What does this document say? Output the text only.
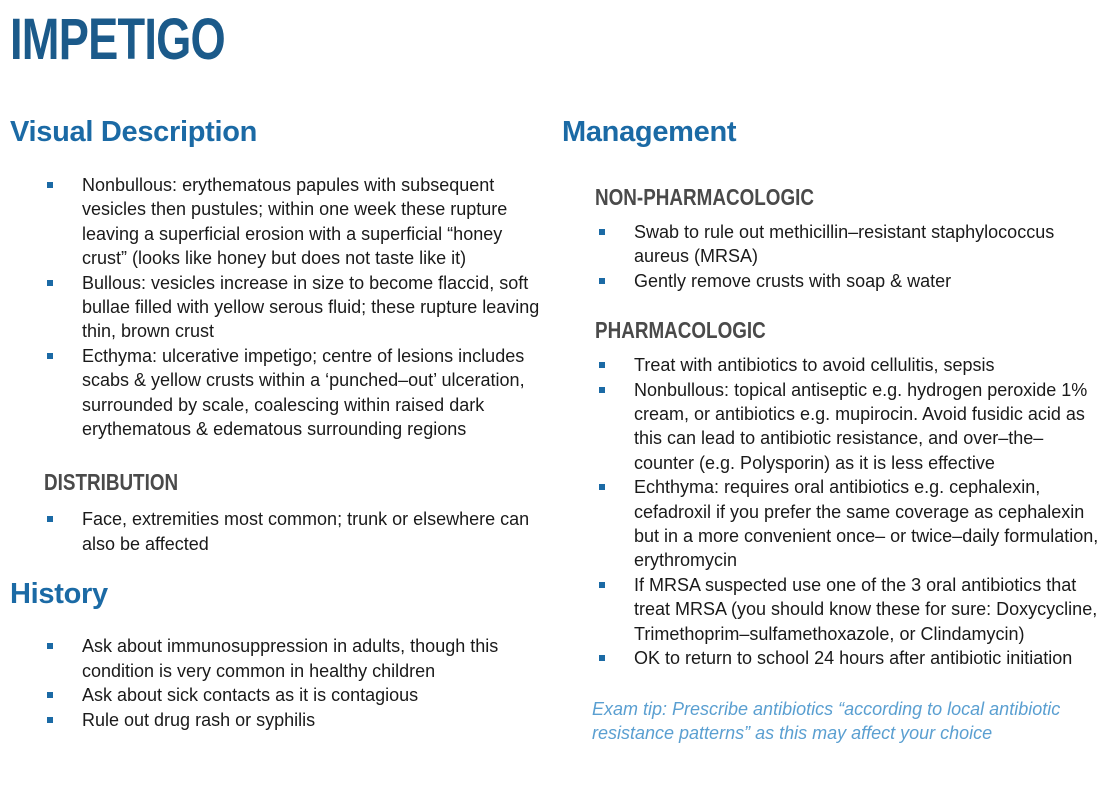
IMPETIGO
Visual Description
Nonbullous: erythematous papules with subsequent vesicles then pustules; within one week these rupture leaving a superficial erosion with a superficial “honey crust” (looks like honey but does not taste like it)
Bullous: vesicles increase in size to become flaccid, soft bullae filled with yellow serous fluid; these rupture leaving thin, brown crust
Ecthyma: ulcerative impetigo; centre of lesions includes scabs & yellow crusts within a ‘punched–out’ ulceration, surrounded by scale, coalescing within raised dark erythematous & edematous surrounding regions
DISTRIBUTION
Face, extremities most common; trunk or elsewhere can also be affected
History
Ask about immunosuppression in adults, though this condition is very common in healthy children
Ask about sick contacts as it is contagious
Rule out drug rash or syphilis
Management
NON-PHARMACOLOGIC
Swab to rule out methicillin–resistant staphylococcus aureus (MRSA)
Gently remove crusts with soap & water
PHARMACOLOGIC
Treat with antibiotics to avoid cellulitis, sepsis
Nonbullous: topical antiseptic e.g. hydrogen peroxide 1% cream, or antibiotics e.g. mupirocin. Avoid fusidic acid as this can lead to antibiotic resistance, and over–the–counter (e.g. Polysporin) as it is less effective
Echthyma: requires oral antibiotics e.g. cephalexin, cefadroxil if you prefer the same coverage as cephalexin but in a more convenient once– or twice–daily formulation, erythromycin
If MRSA suspected use one of the 3 oral antibiotics that treat MRSA (you should know these for sure: Doxycycline, Trimethoprim–sulfamethoxazole, or Clindamycin)
OK to return to school 24 hours after antibiotic initiation

Exam tip: Prescribe antibiotics “according to local antibiotic resistance patterns” as this may affect your choice
